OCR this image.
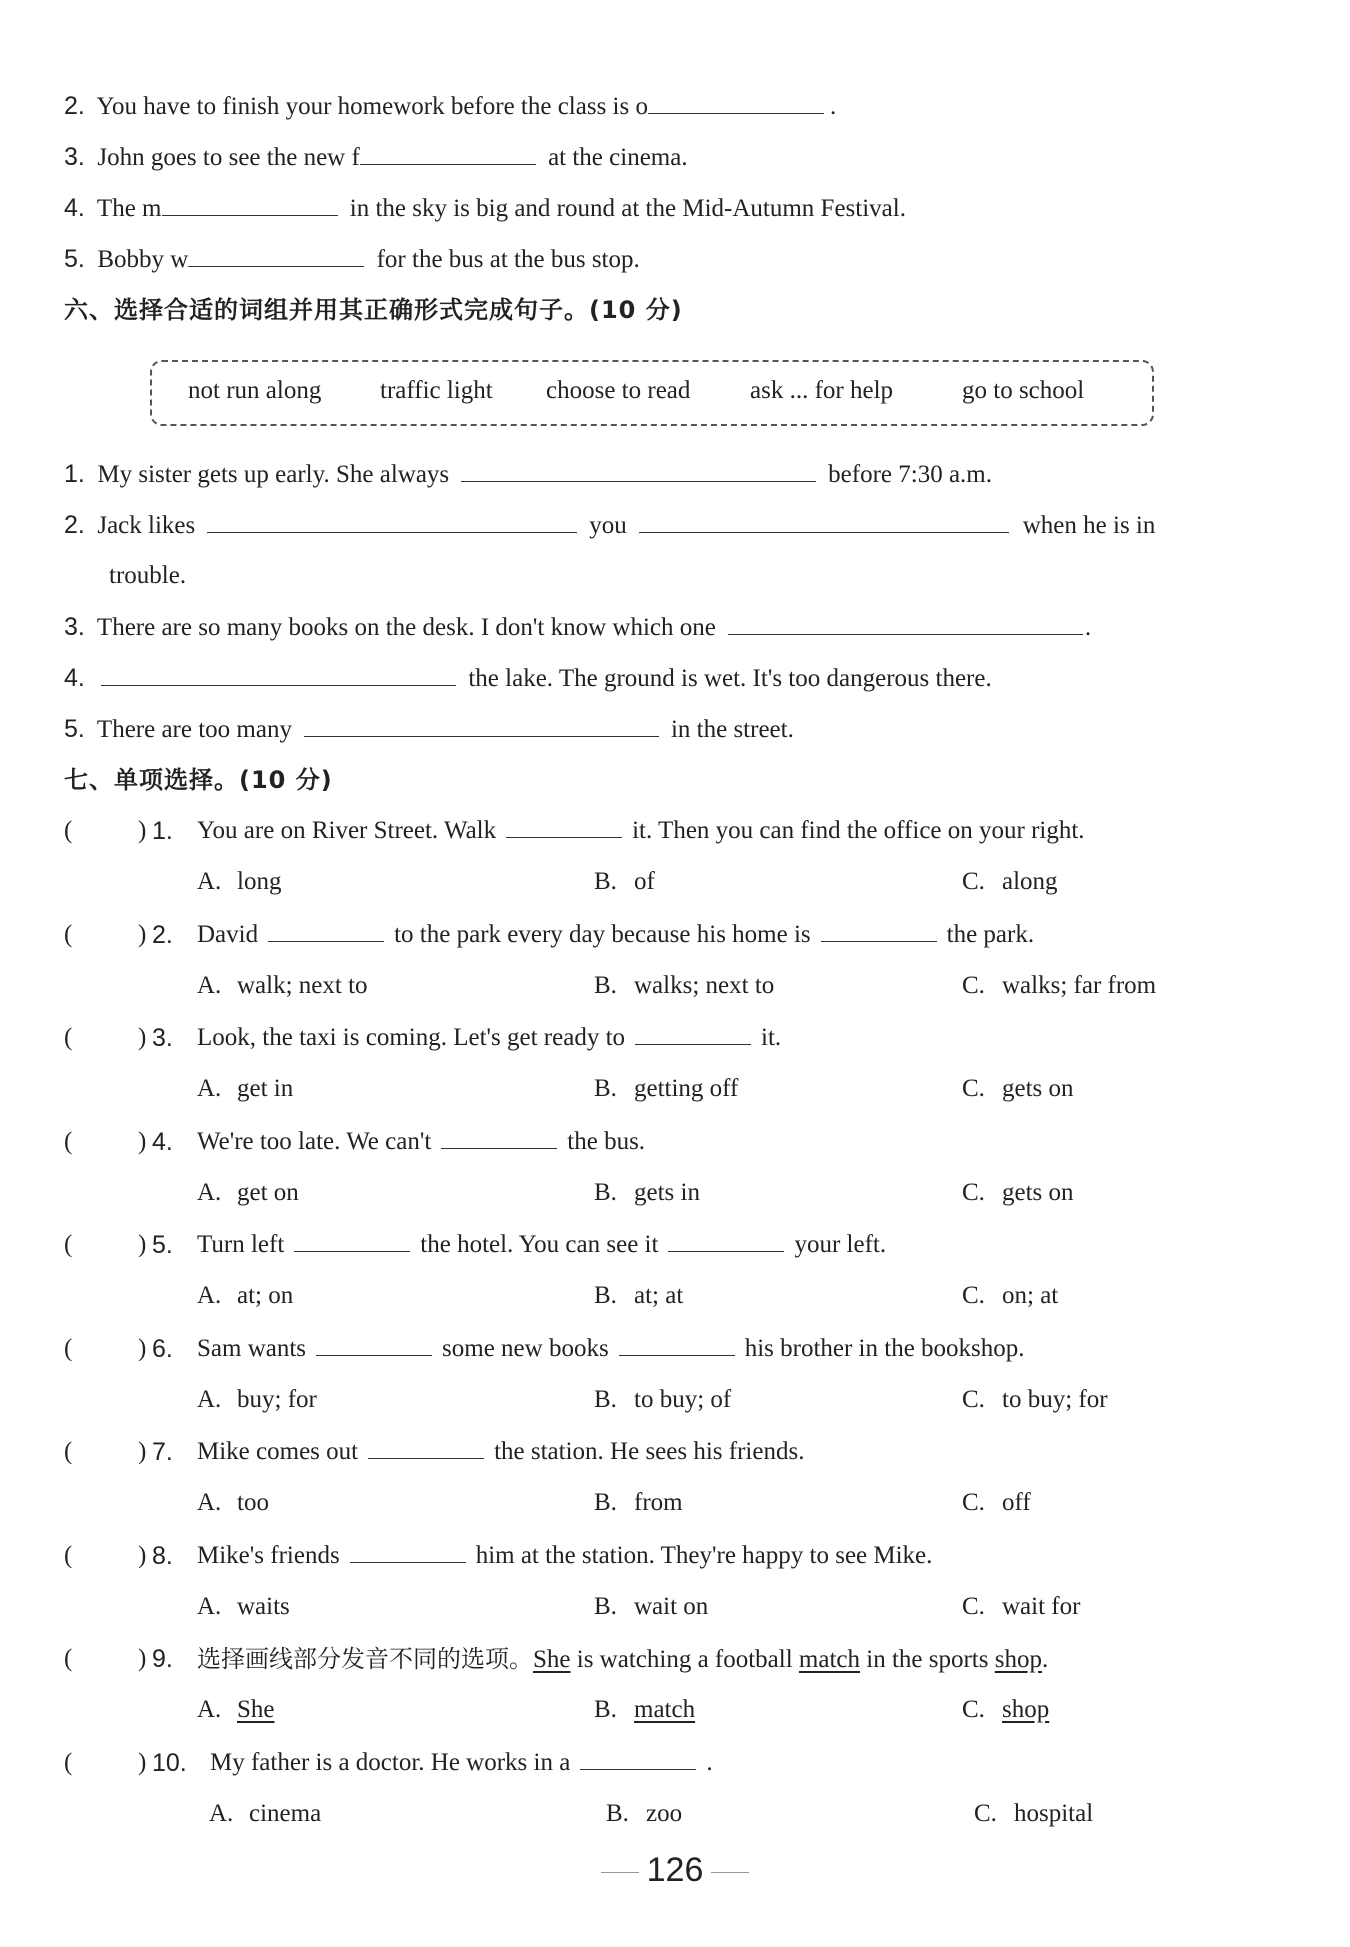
2. You have to finish your homework before the class is o	.
3. John goes to see the new f	at the cinema.
4. The m	in the sky is big and round at the Mid-Autumn Festival.
5. Bobby w	for the bus at the bus stop.
六、选择合适的词组并用其正确形式完成句子。(10 分)
not run along traffic light choose to read ask ... for help	go to school
1. My sister gets up early. She always	before 7:30 a.m.
2. Jack likes	you	when he is in
trouble.
3. There are so many books on the desk. I don't know which one	.
4.	the lake. The ground is wet. It's too dangerous there.
5. There are too many	in the street.
七、单项选择。(10 分)
(	) 1. You are on River Street. Walk	it. Then you can find the office on your right.
A. long	B. of	C. along
(	) 2. David	to the park every day because his home is	the park.
A. walk; next to	B. walks; next to	C. walks; far from
(	) 3. Look, the taxi is coming. Let's get ready to	it.
A. get in	B. getting off	C. gets on
(	) 4. We're too late. We can't	the bus.
A. get on	B. gets in	C. gets on
(	) 5. Turn left	the hotel. You can see it	your left.
A. at; on	B. at; at	C. on; at
(	) 6. Sam wants	some new books	his brother in the bookshop.
A. buy; for	B. to buy; of	C. to buy; for
(	) 7. Mike comes out	the station. He sees his friends.
A. too	B. from	C. off
(	) 8. Mike's friends	him at the station. They're happy to see Mike.
A. waits	B. wait on	C. wait for
(	) 9. 选择画线部分发音不同的选项。She is watching a football match in the sports shop.
A. She	B. match	C. shop
(	) 10. My father is a doctor. He works in a	.
A. cinema	B. zoo	C. hospital
126
